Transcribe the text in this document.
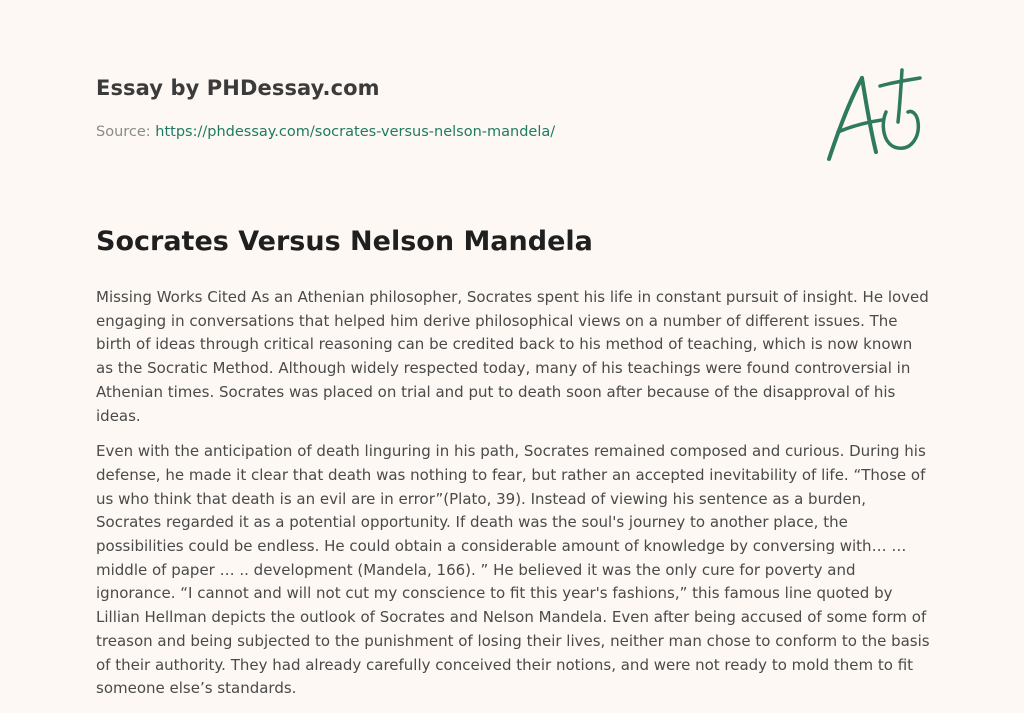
Essay by PHDessay.com
Source: https://phdessay.com/socrates-versus-nelson-mandela/
Socrates Versus Nelson Mandela

Missing Works Cited As an Athenian philosopher, Socrates spent his life in constant pursuit of insight. He loved engaging in conversations that helped him derive philosophical views on a number of different issues. The birth of ideas through critical reasoning can be credited back to his method of teaching, which is now known as the Socratic Method. Although widely respected today, many of his teachings were found controversial in Athenian times. Socrates was placed on trial and put to death soon after because of the disapproval of his ideas.

Even with the anticipation of death linguring in his path, Socrates remained composed and curious. During his defense, he made it clear that death was nothing to fear, but rather an accepted inevitability of life. “Those of us who think that death is an evil are in error”(Plato, 39). Instead of viewing his sentence as a burden, Socrates regarded it as a potential opportunity. If death was the soul's journey to another place, the possibilities could be endless. He could obtain a considerable amount of knowledge by conversing with… … middle of paper … .. development (Mandela, 166). ” He believed it was the only cure for poverty and ignorance. “I cannot and will not cut my conscience to fit this year's fashions,” this famous line quoted by Lillian Hellman depicts the outlook of Socrates and Nelson Mandela. Even after being accused of some form of treason and being subjected to the punishment of losing their lives, neither man chose to conform to the basis of their authority. They had already carefully conceived their notions, and were not ready to mold them to fit someone else’s standards.
